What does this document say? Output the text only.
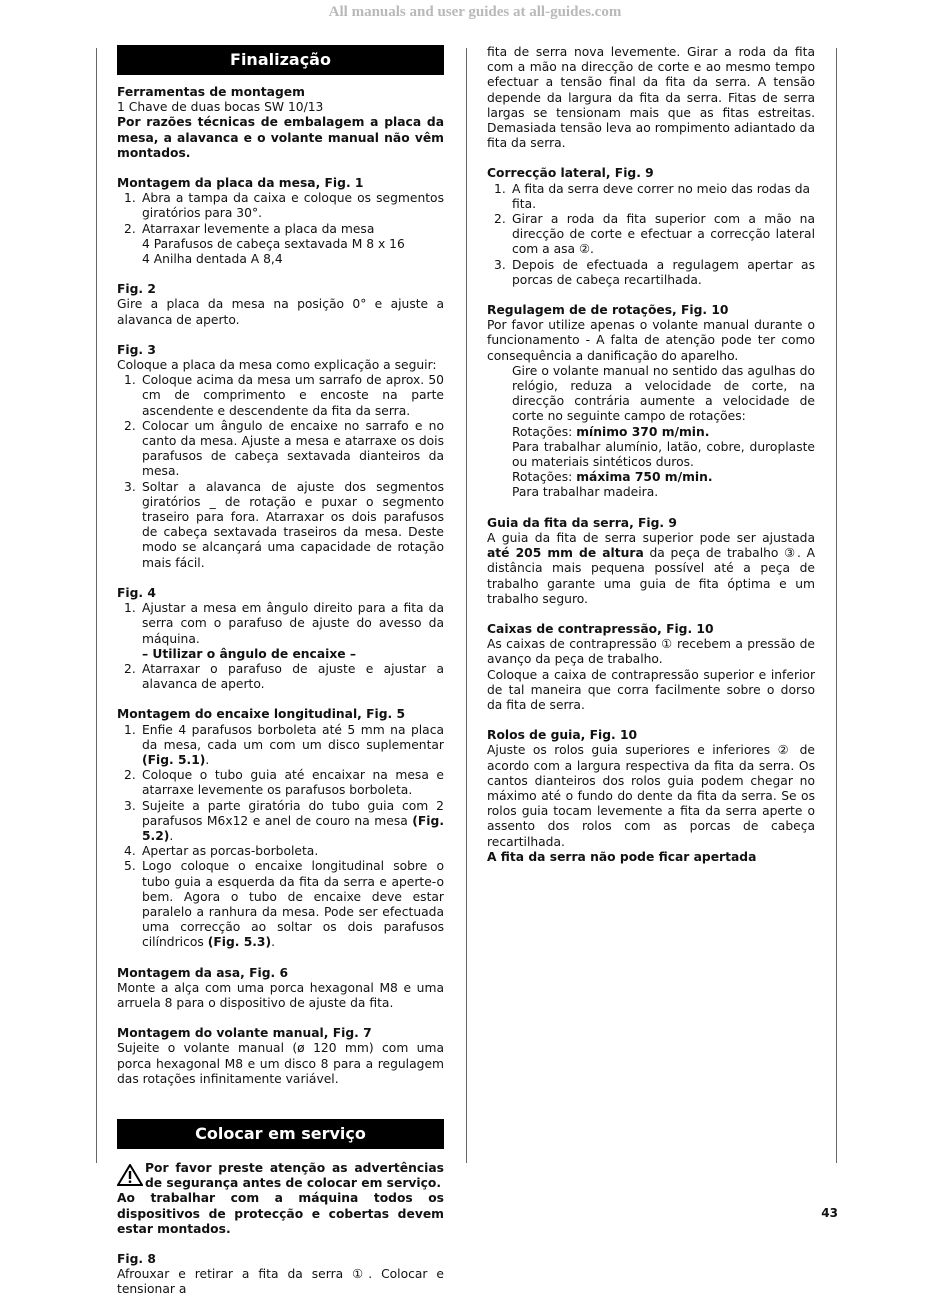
All manuals and user guides at all-guides.com
Finalização

Ferramentas de montagem

1 Chave de duas bocas SW 10/13

Por razões técnicas de embalagem a placa da mesa, a alavanca e o volante manual não vêm montados.

Montagem da placa da mesa, Fig. 1

1. Abra a tampa da caixa e coloque os segmentos giratórios para 30°.
2. Atarraxar levemente a placa da mesa
4 Parafusos de cabeça sextavada M 8 x 16
4 Anilha dentada A 8,4

Fig. 2

Gire a placa da mesa na posição 0° e ajuste a alavanca de aperto.

Fig. 3

Coloque a placa da mesa como explicação a seguir:

1. Coloque acima da mesa um sarrafo de aprox. 50 cm de comprimento e encoste na parte ascendente e descendente da fita da serra.
2. Colocar um ângulo de encaixe no sarrafo e no canto da mesa. Ajuste a mesa e atarraxe os dois parafusos de cabeça sextavada dianteiros da mesa.
3. Soltar a alavanca de ajuste dos segmentos giratórios _ de rotação e puxar o segmento traseiro para fora. Atarraxar os dois parafusos de cabeça sextavada traseiros da mesa. Deste modo se alcançará uma capacidade de rotação mais fácil.

Fig. 4

1. Ajustar a mesa em ângulo direito para a fita da serra com o parafuso de ajuste do avesso da máquina.
– Utilizar o ângulo de encaixe –
2. Atarraxar o parafuso de ajuste e ajustar a alavanca de aperto.

Montagem do encaixe longitudinal, Fig. 5

1. Enfie 4 parafusos borboleta até 5 mm na placa da mesa, cada um com um disco suplementar (Fig. 5.1).
2. Coloque o tubo guia até encaixar na mesa e atarraxe levemente os parafusos borboleta.
3. Sujeite a parte giratória do tubo guia com 2 parafusos M6x12 e anel de couro na mesa (Fig. 5.2).
4. Apertar as porcas-borboleta.
5. Logo coloque o encaixe longitudinal sobre o tubo guia a esquerda da fita da serra e aperte-o bem. Agora o tubo de encaixe deve estar paralelo a ranhura da mesa. Pode ser efectuada uma correcção ao soltar os dois parafusos cilíndricos (Fig. 5.3).

Montagem da asa, Fig. 6

Monte a alça com uma porca hexagonal M8 e uma arruela 8 para o dispositivo de ajuste da fita.

Montagem do volante manual, Fig. 7

Sujeite o volante manual (ø 120 mm) com uma porca hexagonal M8 e um disco 8 para a regulagem das rotações infinitamente variável.

Colocar em serviço

Por favor preste atenção as advertências de segurança antes de colocar em serviço.

Ao trabalhar com a máquina todos os dispositivos de protecção e cobertas devem estar montados.

Fig. 8

Afrouxar e retirar a fita da serra ①. Colocar e tensionar a

fita de serra nova levemente. Girar a roda da fita com a mão na direcção de corte e ao mesmo tempo efectuar a tensão final da fita da serra. A tensão depende da largura da fita da serra. Fitas de serra largas se tensionam mais que as fitas estreitas. Demasiada tensão leva ao rompimento adiantado da fita da serra.

Correcção lateral, Fig. 9

1. A fita da serra deve correr no meio das rodas da fita.
2. Girar a roda da fita superior com a mão na direcção de corte e efectuar a correcção lateral com a asa ②.
3. Depois de efectuada a regulagem apertar as porcas de cabeça recartilhada.

Regulagem de de rotações, Fig. 10

Por favor utilize apenas o volante manual durante o funcionamento - A falta de atenção pode ter como consequência a danificação do aparelho.

Gire o volante manual no sentido das agulhas do relógio, reduza a velocidade de corte, na direcção contrária aumente a velocidade de corte no seguinte campo de rotações:

Rotações: mínimo 370 m/min.

Para trabalhar alumínio, latão, cobre, duroplaste ou materiais sintéticos duros.

Rotações: máxima 750 m/min.

Para trabalhar madeira.

Guia da fita da serra, Fig. 9

A guia da fita de serra superior pode ser ajustada até 205 mm de altura da peça de trabalho ③. A distância mais pequena possível até a peça de trabalho garante uma guia de fita óptima e um trabalho seguro.

Caixas de contrapressão, Fig. 10

As caixas de contrapressão ① recebem a pressão de avanço da peça de trabalho.

Coloque a caixa de contrapressão superior e inferior de tal maneira que corra facilmente sobre o dorso da fita de serra.

Rolos de guia, Fig. 10

Ajuste os rolos guia superiores e inferiores ② de acordo com a largura respectiva da fita da serra. Os cantos dianteiros dos rolos guia podem chegar no máximo até o fundo do dente da fita da serra. Se os rolos guia tocam levemente a fita da serra aperte o assento dos rolos com as porcas de cabeça recartilhada.

A fita da serra não pode ficar apertada

43
